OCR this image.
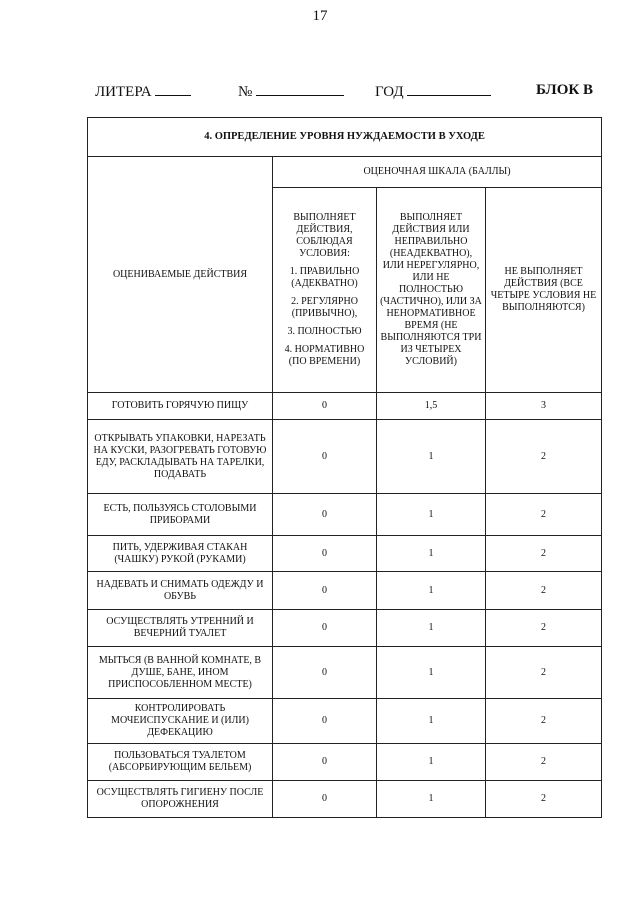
17
ЛИТЕРА	№	ГОД	БЛОК В
4. ОПРЕДЕЛЕНИЕ УРОВНЯ НУЖДАЕМОСТИ В УХОДЕ			
ОЦЕНИВАЕМЫЕ ДЕЙСТВИЯ	ОЦЕНОЧНАЯ ШКАЛА (БАЛЛЫ)		

	ВЫПОЛНЯЕТ ДЕЙСТВИЯ, СОБЛЮДАЯ УСЛОВИЯ:

1. ПРАВИЛЬНО (АДЕКВАТНО)

2. РЕГУЛЯРНО (ПРИВЫЧНО),

3. ПОЛНОСТЬЮ

4. НОРМАТИВНО (ПО ВРЕМЕНИ)	ВЫПОЛНЯЕТ ДЕЙСТВИЯ ИЛИ НЕПРАВИЛЬНО (НЕАДЕКВАТНО), ИЛИ НЕРЕГУЛЯРНО, ИЛИ НЕ ПОЛНОСТЬЮ (ЧАСТИЧНО), ИЛИ ЗА НЕНОРМАТИВНОЕ ВРЕМЯ (НЕ ВЫПОЛНЯЮТСЯ ТРИ ИЗ ЧЕТЫРЕХ УСЛОВИЙ)	НЕ ВЫПОЛНЯЕТ ДЕЙСТВИЯ (ВСЕ ЧЕТЫРЕ УСЛОВИЯ НЕ ВЫПОЛНЯЮТСЯ)
ГОТОВИТЬ ГОРЯЧУЮ ПИЩУ	0	1,5	3
ОТКРЫВАТЬ УПАКОВКИ, НАРЕЗАТЬ НА КУСКИ, РАЗОГРЕВАТЬ ГОТОВУЮ ЕДУ, РАСКЛАДЫВАТЬ НА ТАРЕЛКИ, ПОДАВАТЬ	0	1	2
ЕСТЬ, ПОЛЬЗУЯСЬ СТОЛОВЫМИ ПРИБОРАМИ	0	1	2
ПИТЬ, УДЕРЖИВАЯ СТАКАН (ЧАШКУ) РУКОЙ (РУКАМИ)	0	1	2
НАДЕВАТЬ И СНИМАТЬ ОДЕЖДУ И ОБУВЬ	0	1	2
ОСУЩЕСТВЛЯТЬ УТРЕННИЙ И ВЕЧЕРНИЙ ТУАЛЕТ	0	1	2
МЫТЬСЯ (В ВАННОЙ КОМНАТЕ, В ДУШЕ, БАНЕ, ИНОМ ПРИСПОСОБЛЕННОМ МЕСТЕ)	0	1	2
КОНТРОЛИРОВАТЬ МОЧЕИСПУСКАНИЕ И (ИЛИ) ДЕФЕКАЦИЮ	0	1	2
ПОЛЬЗОВАТЬСЯ ТУАЛЕТОМ (АБСОРБИРУЮЩИМ БЕЛЬЕМ)	0	1	2
ОСУЩЕСТВЛЯТЬ ГИГИЕНУ ПОСЛЕ ОПОРОЖНЕНИЯ	0	1	2
